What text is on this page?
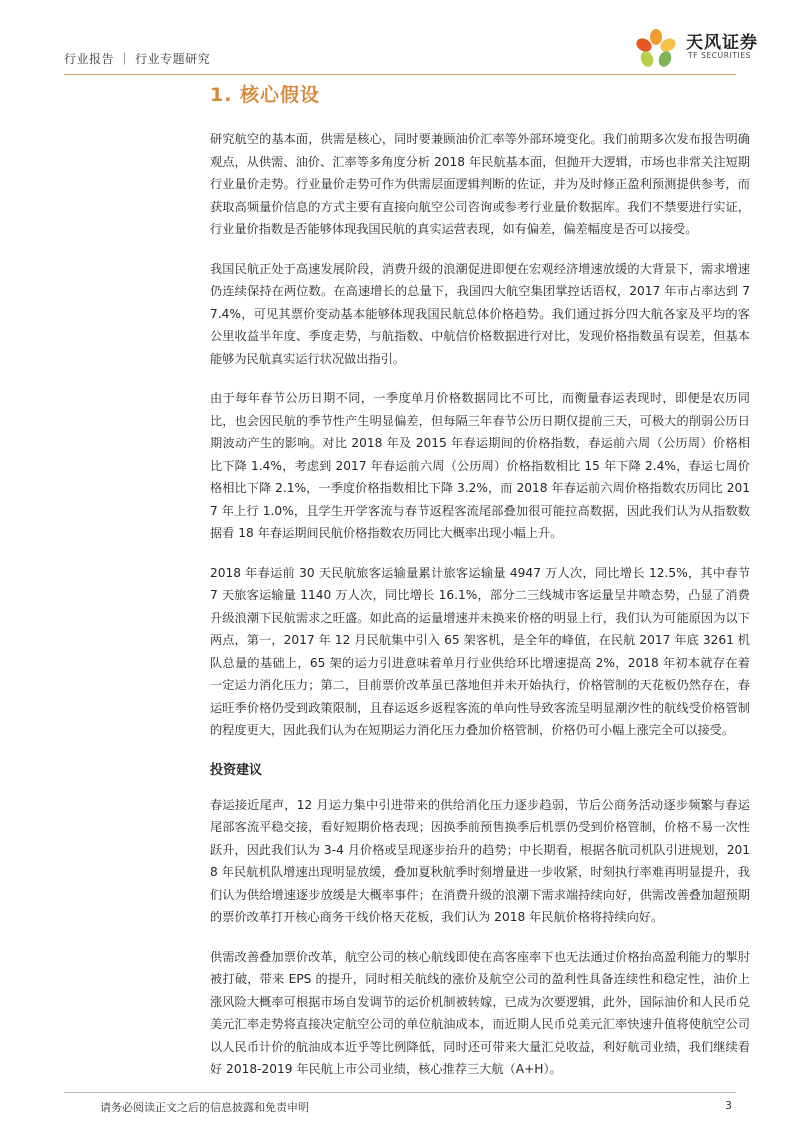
行业报告 ｜ 行业专题研究
天风证券
TF SECURITIES
1. 核心假设

研究航空的基本面，供需是核心，同时要兼顾油价汇率等外部环境变化。我们前期多次发布报告明确观点，从供需、油价、汇率等多角度分析 2018 年民航基本面，但抛开大逻辑，市场也非常关注短期行业量价走势。行业量价走势可作为供需层面逻辑判断的佐证，并为及时修正盈利预测提供参考，而获取高频量价信息的方式主要有直接向航空公司咨询或参考行业量价数据库。我们不禁要进行实证，行业量价指数是否能够体现我国民航的真实运营表现，如有偏差，偏差幅度是否可以接受。

我国民航正处于高速发展阶段，消费升级的浪潮促进即便在宏观经济增速放缓的大背景下，需求增速仍连续保持在两位数。在高速增长的总量下，我国四大航空集团掌控话语权，2017 年市占率达到 77.4%，可见其票价变动基本能够体现我国民航总体价格趋势。我们通过拆分四大航各家及平均的客公里收益半年度、季度走势，与航指数、中航信价格数据进行对比，发现价格指数虽有误差，但基本能够为民航真实运行状况做出指引。

由于每年春节公历日期不同，一季度单月价格数据同比不可比，而衡量春运表现时，即便是农历同比，也会因民航的季节性产生明显偏差，但每隔三年春节公历日期仅提前三天，可极大的削弱公历日期波动产生的影响。对比 2018 年及 2015 年春运期间的价格指数，春运前六周（公历周）价格相比下降 1.4%，考虑到 2017 年春运前六周（公历周）价格指数相比 15 年下降 2.4%，春运七周价格相比下降 2.1%，一季度价格指数相比下降 3.2%，而 2018 年春运前六周价格指数农历同比 2017 年上行 1.0%，且学生开学客流与春节返程客流尾部叠加很可能拉高数据，因此我们认为从指数数据看 18 年春运期间民航价格指数农历同比大概率出现小幅上升。

2018 年春运前 30 天民航旅客运输量累计旅客运输量 4947 万人次，同比增长 12.5%，其中春节 7 天旅客运输量 1140 万人次，同比增长 16.1%，部分二三线城市客运量呈井喷态势，凸显了消费升级浪潮下民航需求之旺盛。如此高的运量增速并未换来价格的明显上行，我们认为可能原因为以下两点，第一，2017 年 12 月民航集中引入 65 架客机，是全年的峰值，在民航 2017 年底 3261 机队总量的基础上，65 架的运力引进意味着单月行业供给环比增速提高 2%，2018 年初本就存在着一定运力消化压力；第二，目前票价改革虽已落地但并未开始执行，价格管制的天花板仍然存在，春运旺季价格仍受到政策限制，且春运返乡返程客流的单向性导致客流呈明显潮汐性的航线受价格管制的程度更大，因此我们认为在短期运力消化压力叠加价格管制，价格仍可小幅上涨完全可以接受。

投资建议

春运接近尾声，12 月运力集中引进带来的供给消化压力逐步趋弱，节后公商务活动逐步频繁与春运尾部客流平稳交接，看好短期价格表现；因换季前预售换季后机票仍受到价格管制，价格不易一次性跃升，因此我们认为 3-4 月价格或呈现逐步抬升的趋势；中长期看，根据各航司机队引进规划，2018 年民航机队增速出现明显放缓，叠加夏秋航季时刻增量进一步收紧，时刻执行率难再明显提升，我们认为供给增速逐步放缓是大概率事件；在消费升级的浪潮下需求端持续向好，供需改善叠加超预期的票价改革打开核心商务干线价格天花板，我们认为 2018 年民航价格将持续向好。

供需改善叠加票价改革，航空公司的核心航线即使在高客座率下也无法通过价格抬高盈利能力的掣肘被打破，带来 EPS 的提升，同时相关航线的涨价及航空公司的盈利性具备连续性和稳定性，油价上涨风险大概率可根据市场自发调节的运价机制被转嫁，已成为次要逻辑，此外，国际油价和人民币兑美元汇率走势将直接决定航空公司的单位航油成本，而近期人民币兑美元汇率快速升值将使航空公司以人民币计价的航油成本近乎等比例降低，同时还可带来大量汇兑收益，利好航司业绩，我们继续看好 2018-2019 年民航上市公司业绩，核心推荐三大航（A+H）。

请务必阅读正文之后的信息披露和免责申明	3
